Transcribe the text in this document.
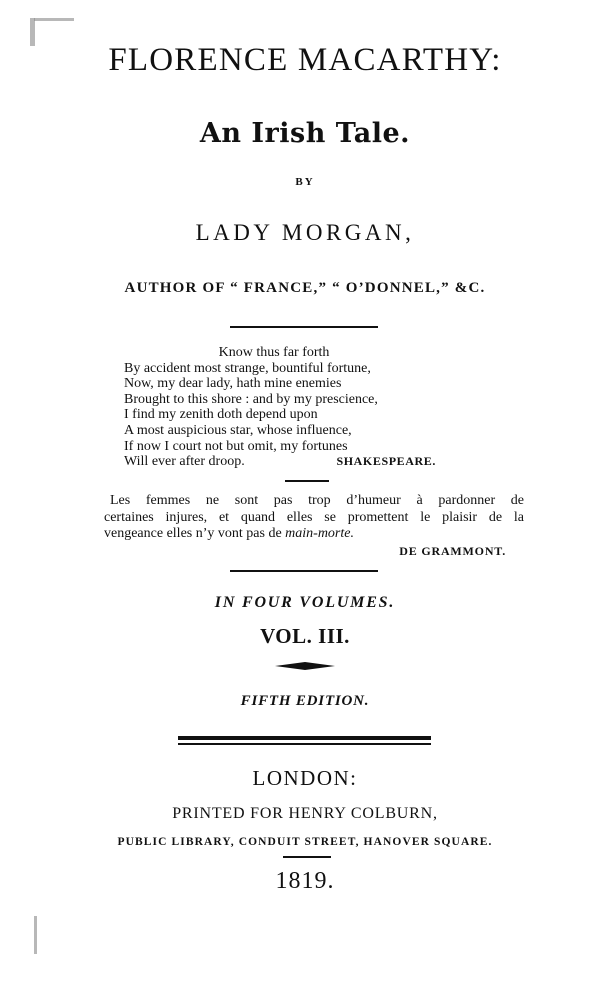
FLORENCE MACARTHY:
An Irish Tale.
BY
LADY MORGAN,
AUTHOR OF “ FRANCE,” “ O’DONNEL,” &C.
Know thus far forth
By accident most strange, bountiful fortune,
Now, my dear lady, hath mine enemies
Brought to this shore : and by my prescience,
I find my zenith doth depend upon
A most auspicious star, whose influence,
If now I court not but omit, my fortunes
Will ever after droop.	SHAKESPEARE.
Les femmes ne sont pas trop d’humeur à pardonner de
certaines injures, et quand elles se promettent le plaisir de la
vengeance elles n’y vont pas de main-morte.
DE GRAMMONT.
IN FOUR VOLUMES.
VOL. III.
FIFTH EDITION.
LONDON:
PRINTED FOR HENRY COLBURN,
PUBLIC LIBRARY, CONDUIT STREET, HANOVER SQUARE.
1819.
